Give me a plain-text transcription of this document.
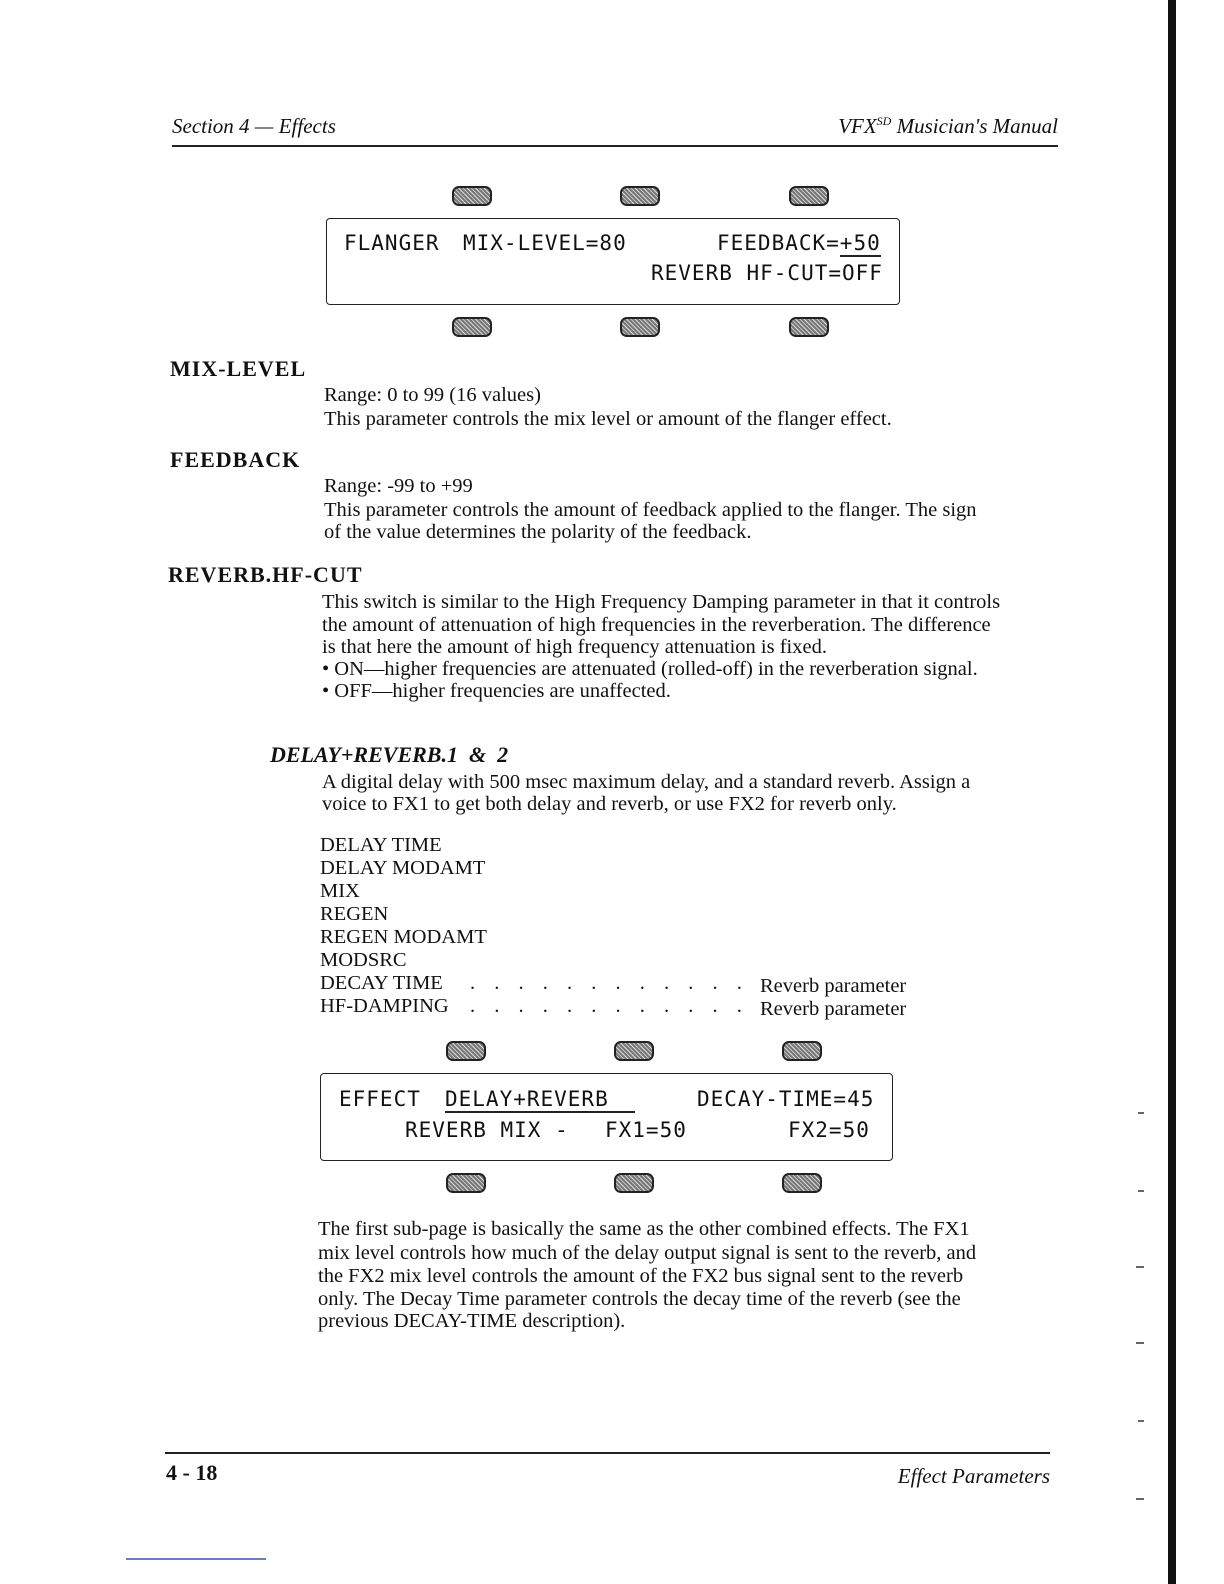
Section 4 — Effects	$VFX^{SD}$ Musician's Manual
FLANGER MIX-LEVEL=80	FEEDBACK=+50
REVERB HF-CUT=OFF
MIX-LEVEL
Range: 0 to 99 (16 values)
This parameter controls the mix level or amount of the flanger effect.
FEEDBACK
Range: -99 to +99
This parameter controls the amount of feedback applied to the flanger. The sign
of the value determines the polarity of the feedback.
REVERB.HF-CUT
This switch is similar to the High Frequency Damping parameter in that it controls
the amount of attenuation of high frequencies in the reverberation. The difference
is that here the amount of high frequency attenuation is fixed.
• ON—higher frequencies are attenuated (rolled-off) in the reverberation signal.
• OFF—higher frequencies are unaffected.
DELAY+REVERB.1  &  2
A digital delay with 500 msec maximum delay, and a standard reverb. Assign a
voice to FX1 to get both delay and reverb, or use FX2 for reverb only.
DELAY TIME
DELAY MODAMT
MIX
REGEN
REGEN MODAMT
MODSRC
DECAY TIME . . . . . . . . . . . . Reverb parameter
HF-DAMPING . . . . . . . . . . . . Reverb parameter
EFFECT DELAY+REVERB	DECAY-TIME=45
REVERB MIX - FX1=50	FX2=50
The first sub-page is basically the same as the other combined effects. The FX1
mix level controls how much of the delay output signal is sent to the reverb, and
the FX2 mix level controls the amount of the FX2 bus signal sent to the reverb
only. The Decay Time parameter controls the decay time of the reverb (see the
previous DECAY-TIME description).
4 - 18	Effect Parameters
